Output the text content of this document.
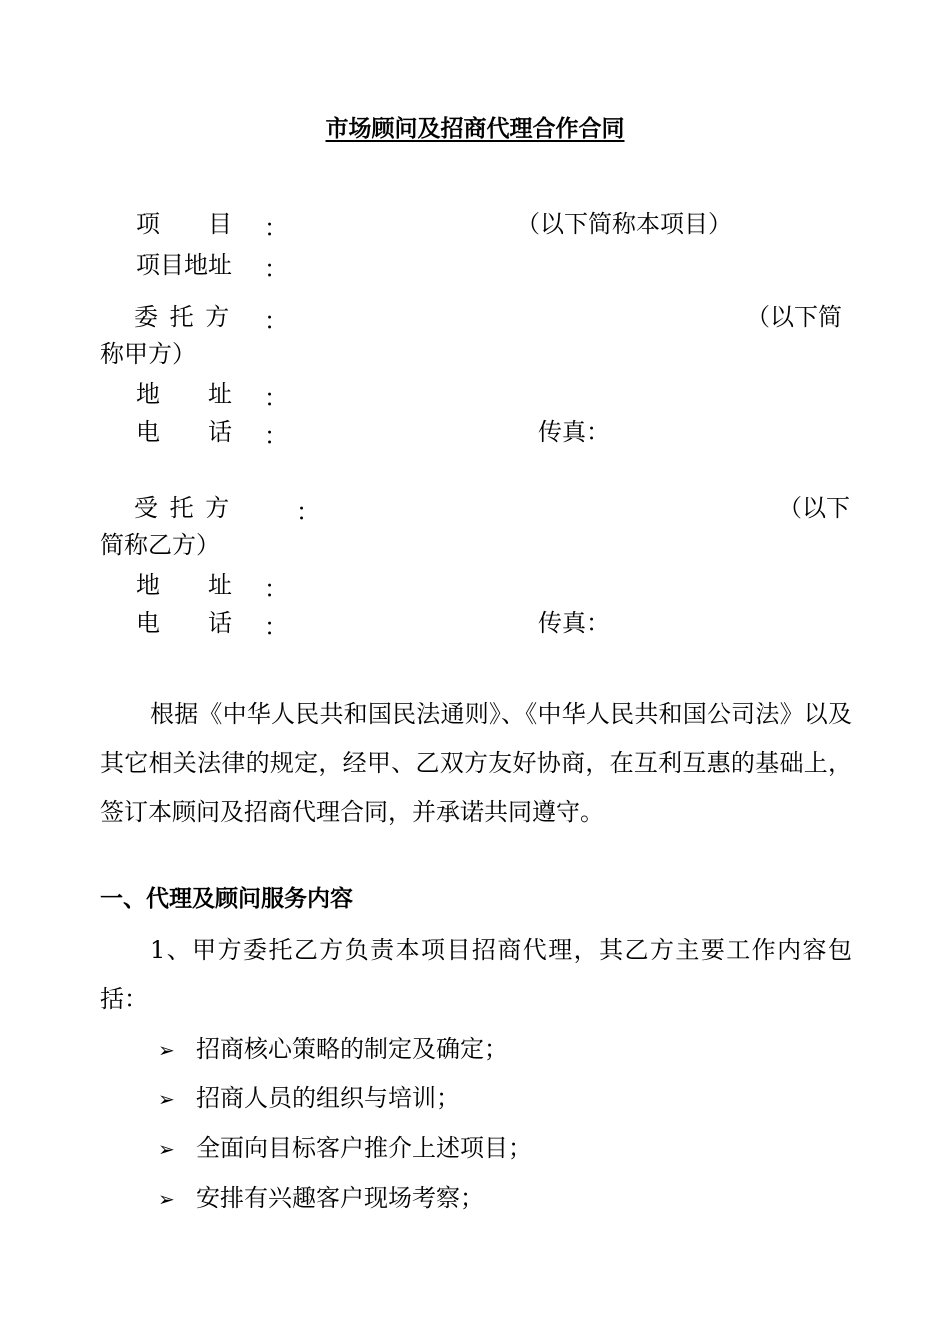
市场顾问及招商代理合作合同
项　　目 ：	（以下简称本项目）
项目地址 ：
委 托 方 ：	（以下简
称甲方）
地　　址 ：
电　　话 ：	传真：
受 托 方	：	（以下
简称乙方）
地　　址 ：
电　　话 ：	传真：
根据《中华人民共和国民法通则》、《中华人民共和国公司法》以及其它相关法律的规定，经甲、乙双方友好协商，在互利互惠的基础上，签订本顾问及招商代理合同，并承诺共同遵守。
一、代理及顾问服务内容
1、甲方委托乙方负责本项目招商代理，其乙方主要工作内容包括：
➢ 招商核心策略的制定及确定；
➢ 招商人员的组织与培训；
➢ 全面向目标客户推介上述项目；
➢ 安排有兴趣客户现场考察；
